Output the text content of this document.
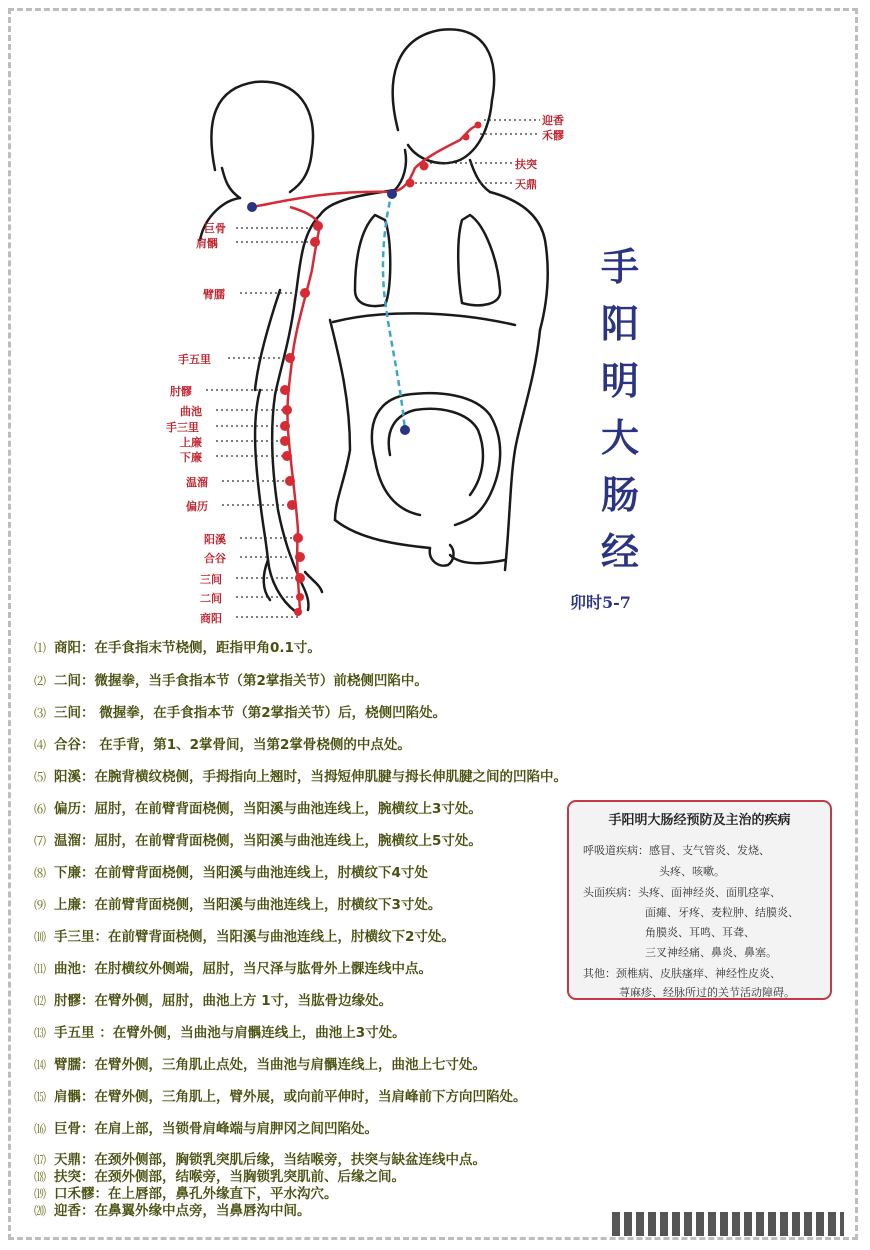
迎香
禾髎
扶突
天鼎
巨骨
肩髃
臂臑
手五里
肘髎
曲池
手三里
上廉
下廉
温溜
偏历
阳溪
合谷
三间
二间
商阳
手
阳
明
大
肠
经
卯时5-7
⑴ 商阳：在手食指末节桡侧，距指甲角0.1寸。
⑵ 二间：微握拳，当手食指本节（第2掌指关节）前桡侧凹陷中。
⑶ 三间： 微握拳，在手食指本节（第2掌指关节）后，桡侧凹陷处。
⑷ 合谷： 在手背，第1、2掌骨间，当第2掌骨桡侧的中点处。
⑸ 阳溪：在腕背横纹桡侧，手拇指向上翘时，当拇短伸肌腱与拇长伸肌腱之间的凹陷中。
⑹ 偏历：屈肘，在前臂背面桡侧，当阳溪与曲池连线上，腕横纹上3寸处。
⑺ 温溜：屈肘，在前臂背面桡侧，当阳溪与曲池连线上，腕横纹上5寸处。
⑻ 下廉：在前臂背面桡侧，当阳溪与曲池连线上，肘横纹下4寸处
⑼ 上廉：在前臂背面桡侧，当阳溪与曲池连线上，肘横纹下3寸处。
⑽ 手三里：在前臂背面桡侧，当阳溪与曲池连线上，肘横纹下2寸处。
⑾ 曲池：在肘横纹外侧端，屈肘，当尺泽与肱骨外上髁连线中点。
⑿ 肘髎：在臂外侧，屈肘，曲池上方 1寸，当肱骨边缘处。
⒀ 手五里 ：在臂外侧，当曲池与肩髃连线上，曲池上3寸处。
⒁ 臂臑：在臂外侧，三角肌止点处，当曲池与肩髃连线上，曲池上七寸处。
⒂ 肩髃：在臂外侧，三角肌上，臂外展，或向前平伸时，当肩峰前下方向凹陷处。
⒃ 巨骨：在肩上部，当锁骨肩峰端与肩胛冈之间凹陷处。
⒄ 天鼎：在颈外侧部，胸锁乳突肌后缘，当结喉旁，扶突与缺盆连线中点。
⒅ 扶突：在颈外侧部，结喉旁，当胸锁乳突肌前、后缘之间。
⒆ 口禾髎：在上唇部，鼻孔外缘直下，平水沟穴。
⒇ 迎香：在鼻翼外缘中点旁，当鼻唇沟中间。
手阳明大肠经预防及主治的疾病
呼吸道疾病：感冒、支气管炎、发烧、
头疼、咳嗽。
头面疾病：头疼、面神经炎、面肌痉挛、
面瘫、牙疼、麦粒肿、结膜炎、
角膜炎、耳鸣、耳聋、
三叉神经痛、鼻炎、鼻塞。
其他：颈椎病、皮肤瘙痒、神经性皮炎、
荨麻疹、经脉所过的关节活动障碍。
